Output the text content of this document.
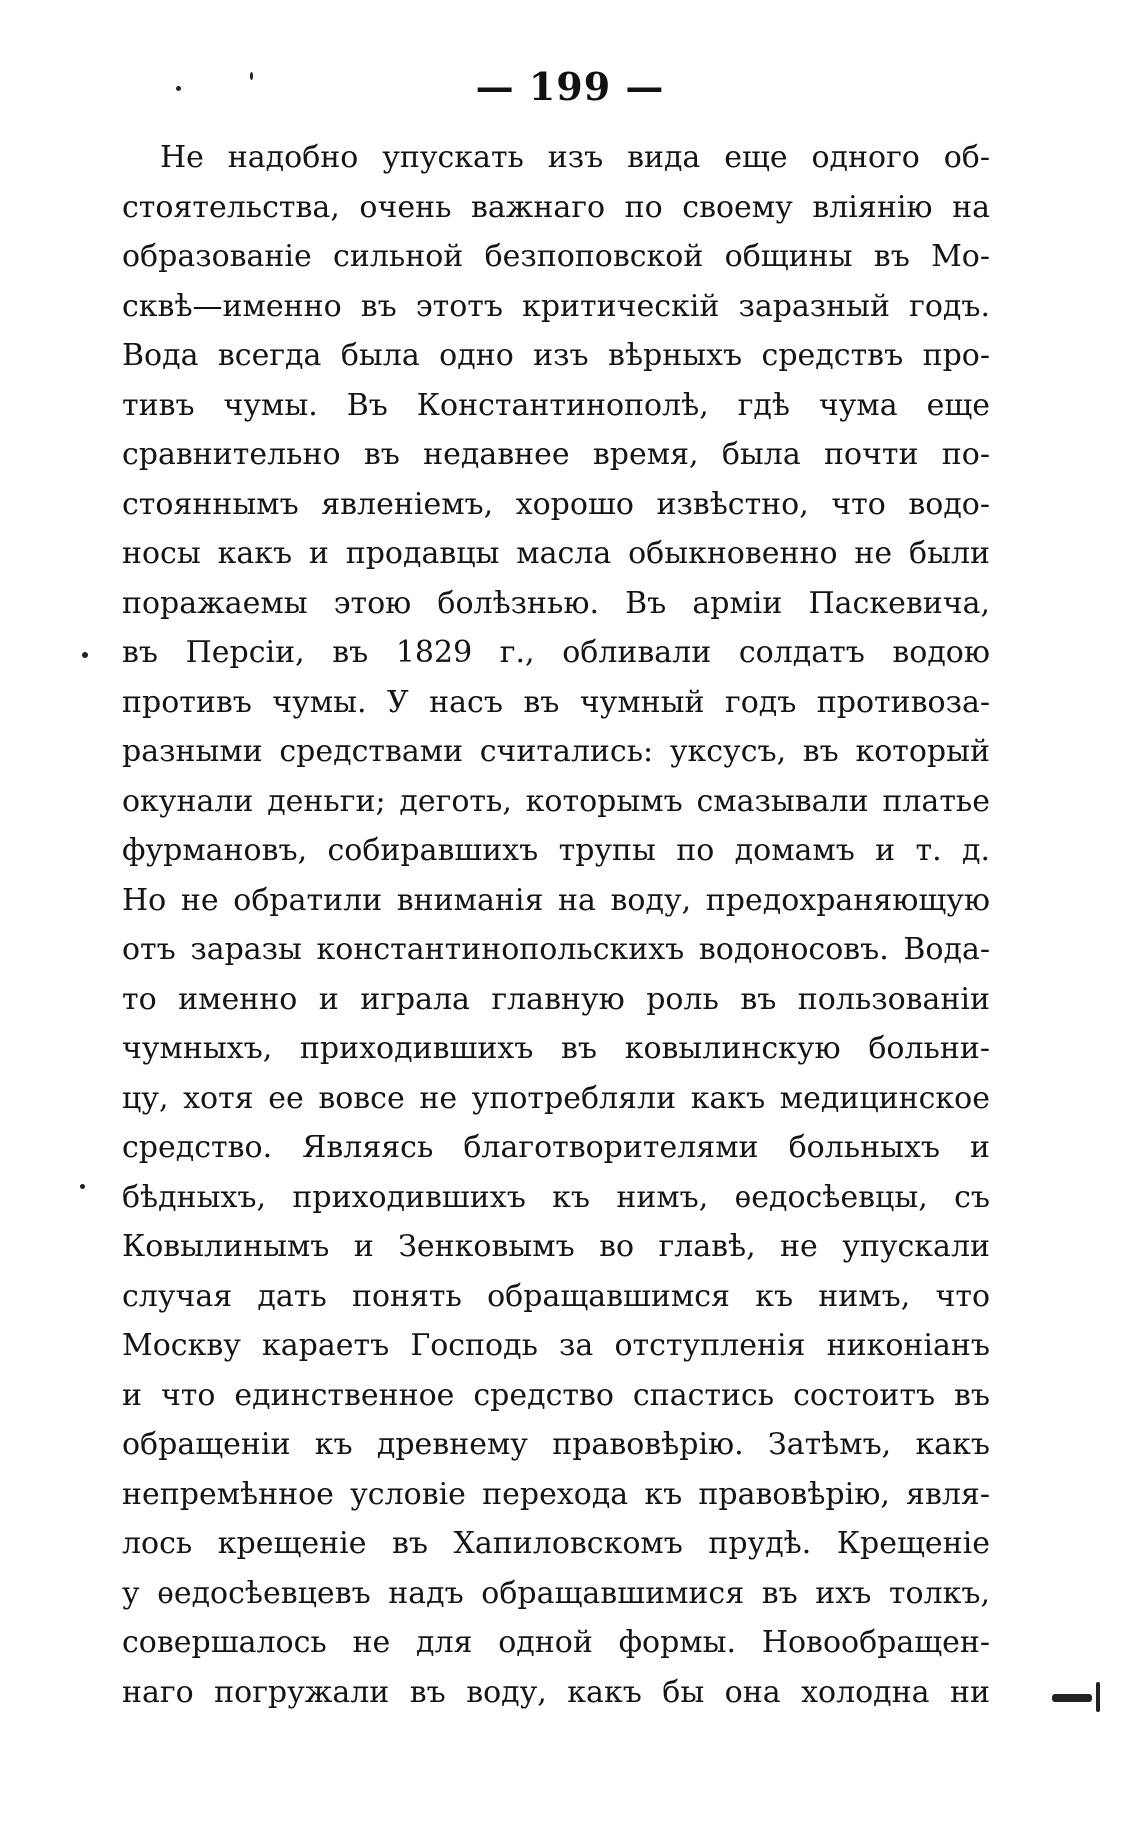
— 199 —
Не надобно упускать изъ вида еще одного об-
стоятельства, очень важнаго по своему вліянію на
образованіе сильной безпоповской общины въ Мо-
сквѣ—именно въ этотъ критическій заразный годъ.
Вода всегда была одно изъ вѣрныхъ средствъ про-
тивъ чумы. Въ Константинополѣ, гдѣ чума еще
сравнительно въ недавнее время, была почти по-
стояннымъ явленіемъ, хорошо извѣстно, что водо-
носы какъ и продавцы масла обыкновенно не были
поражаемы этою болѣзнью. Въ арміи Паскевича,
въ Персіи, въ 1829 г., обливали солдатъ водою
противъ чумы. У насъ въ чумный годъ противоза-
разными средствами считались: уксусъ, въ который
окунали деньги; деготь, которымъ смазывали платье
фурмановъ, собиравшихъ трупы по домамъ и т. д.
Но не обратили вниманія на воду, предохраняющую
отъ заразы константинопольскихъ водоносовъ. Вода-
то именно и играла главную роль въ пользованіи
чумныхъ, приходившихъ въ ковылинскую больни-
цу, хотя ее вовсе не употребляли какъ медицинское
средство. Являясь благотворителями больныхъ и
бѣдныхъ, приходившихъ къ нимъ, ѳедосѣевцы, съ
Ковылинымъ и Зенковымъ во главѣ, не упускали
случая дать понять обращавшимся къ нимъ, что
Москву караетъ Господь за отступленія никоніанъ
и что единственное средство спастись состоитъ въ
обращеніи къ древнему правовѣрію. Затѣмъ, какъ
непремѣнное условіе перехода къ правовѣрію, явля-
лось крещеніе въ Хапиловскомъ прудѣ. Крещеніе
у ѳедосѣевцевъ надъ обращавшимися въ ихъ толкъ,
совершалось не для одной формы. Новообращен-
наго погружали въ воду, какъ бы она холодна ни
